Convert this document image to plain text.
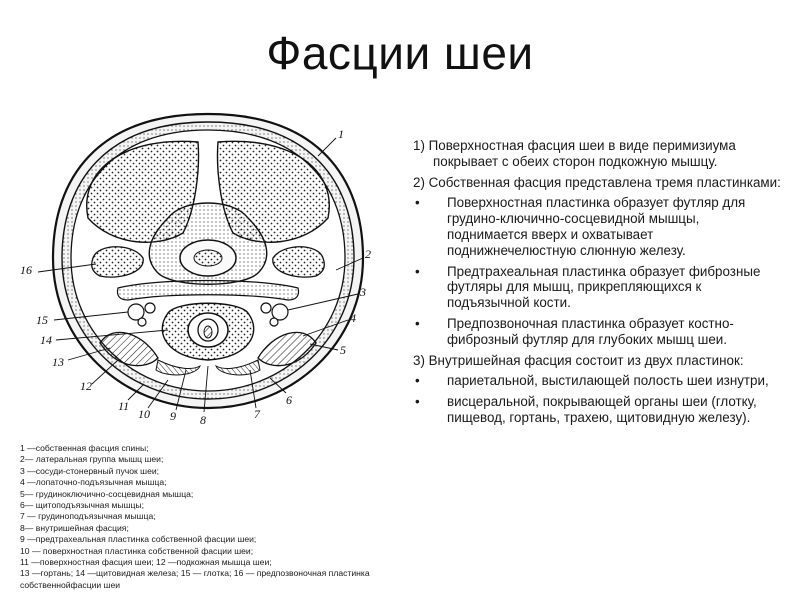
Фасции шеи
1
2
3
4
5
6
7
8
9
10
11
12
13
14
15
16
1 —собственная фасция спины;
2— латеральная группа мышц шеи;
3 —сосуди-стонервный пучок шеи;
4 —лопаточно-подъязычная мышца;
5— грудиноключично-сосцевидная мышца;
6— щитоподъязычная мышцы;
7 — грудиноподъязычная мышца;
8— внутришейная фасция;
9 —предтрахеальная пластинка собственной фасции шеи;
10 — поверхностная пластинка собственной фасции шеи;
11 —поверхностная фасция шеи; 12 —подкожная мышца шеи;
13 —гортань; 14 —щитовидная железа; 15 — глотка; 16 — предпозвоночная пластинка собственнойфасции шеи

1) Поверхностная фасция шеи в виде перимизиума покрывает с обеих сторон подкожную мышцу.

2) Собственная фасция представлена тремя пластинками:

• Поверхностная пластинка образует футляр для грудино-ключично-сосцевидной мышцы, поднимается вверх и охватывает поднижнечелюстную слюнную железу.
• Предтрахеальная пластинка образует фиброзные футляры для мышц, прикрепляющихся к подъязычной кости.
• Предпозвоночная пластинка образует костно-фиброзный футляр для глубоких мышц шеи.

3) Внутришейная фасция состоит из двух пластинок:

• париетальной, выстилающей полость шеи изнутри,
• висцеральной, покрывающей органы шеи (глотку, пищевод, гортань, трахею, щитовидную железу).
